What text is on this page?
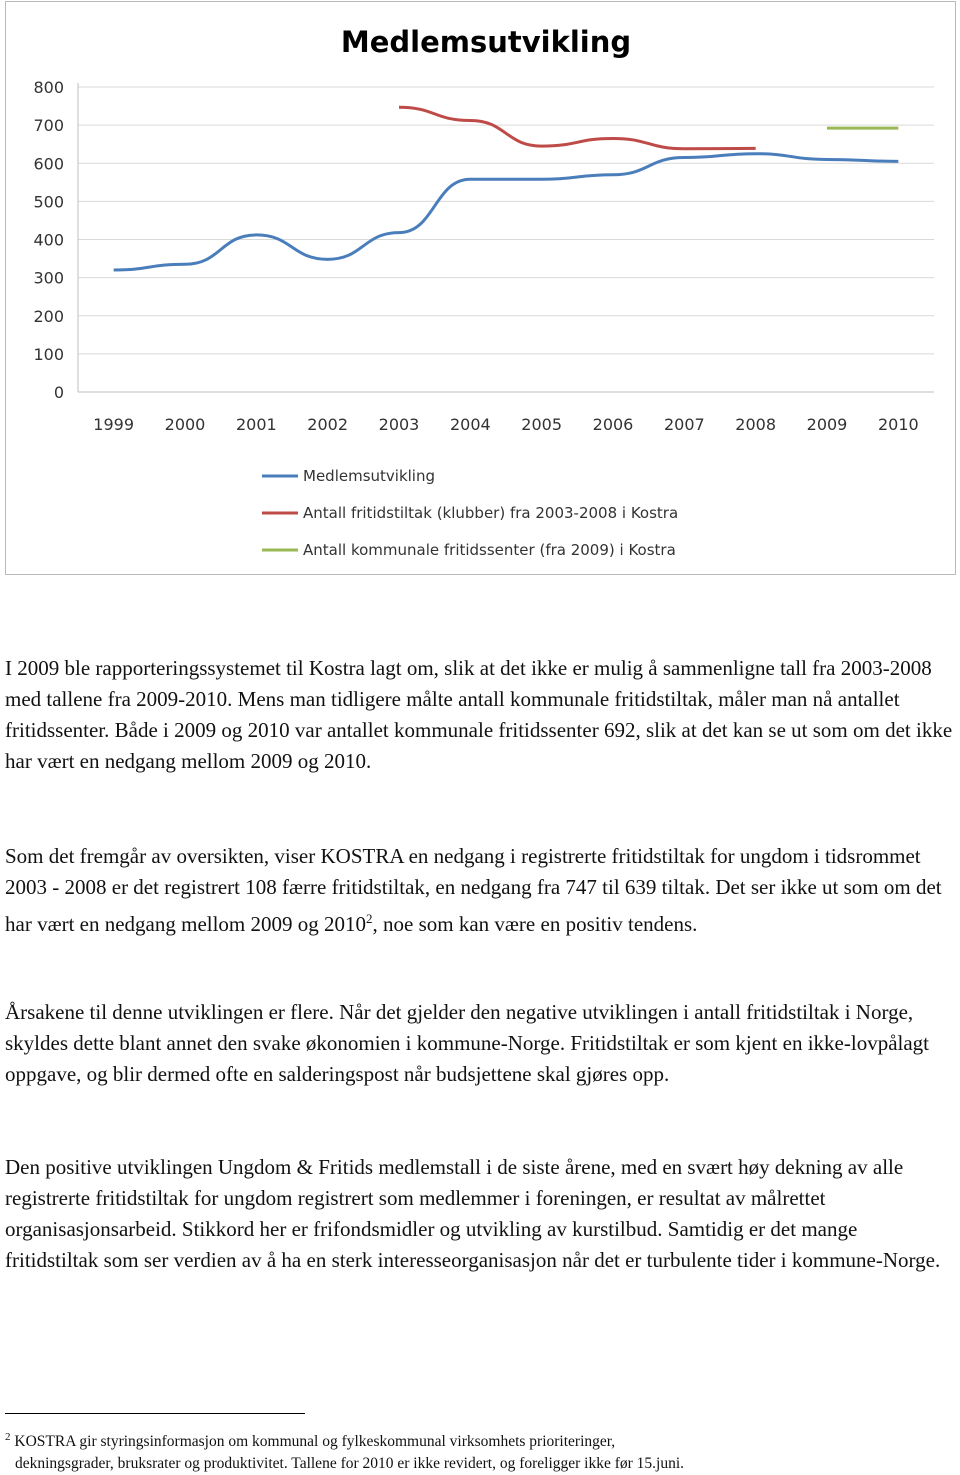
Medlemsutvikling
0
100
200
300
400
500
600
700
800
1999 2000 2001 2002 2003 2004 2005 2006 2007 2008 2009 2010
Medlemsutvikling
Antall fritidstiltak (klubber) fra 2003-2008 i Kostra
Antall kommunale fritidssenter (fra 2009) i Kostra

I 2009 ble rapporteringssystemet til Kostra lagt om, slik at det ikke er mulig å sammenligne tall fra 2003-2008 med tallene fra 2009-2010. Mens man tidligere målte antall kommunale fritidstiltak, måler man nå antallet fritidssenter. Både i 2009 og 2010 var antallet kommunale fritidssenter 692, slik at det kan se ut som om det ikke har vært en nedgang mellom 2009 og 2010.

Som det fremgår av oversikten, viser KOSTRA en nedgang i registrerte fritidstiltak for ungdom i tidsrommet 2003 - 2008 er det registrert 108 færre fritidstiltak, en nedgang fra 747 til 639 tiltak. Det ser ikke ut som om det har vært en nedgang mellom 2009 og 2010$^2$, noe som kan være en positiv tendens.

Årsakene til denne utviklingen er flere. Når det gjelder den negative utviklingen i antall fritidstiltak i Norge, skyldes dette blant annet den svake økonomien i kommune-Norge. Fritidstiltak er som kjent en ikke-lovpålagt oppgave, og blir dermed ofte en salderingspost når budsjettene skal gjøres opp.

Den positive utviklingen Ungdom & Fritids medlemstall i de siste årene, med en svært høy dekning av alle registrerte fritidstiltak for ungdom registrert som medlemmer i foreningen, er resultat av målrettet organisasjonsarbeid. Stikkord her er frifondsmidler og utvikling av kurstilbud. Samtidig er det mange fritidstiltak som ser verdien av å ha en sterk interesseorganisasjon når det er turbulente tider i kommune-Norge.

$^2$ KOSTRA gir styringsinformasjon om kommunal og fylkeskommunal virksomhets prioriteringer,
dekningsgrader, bruksrater og produktivitet. Tallene for 2010 er ikke revidert, og foreligger ikke før 15.juni.
